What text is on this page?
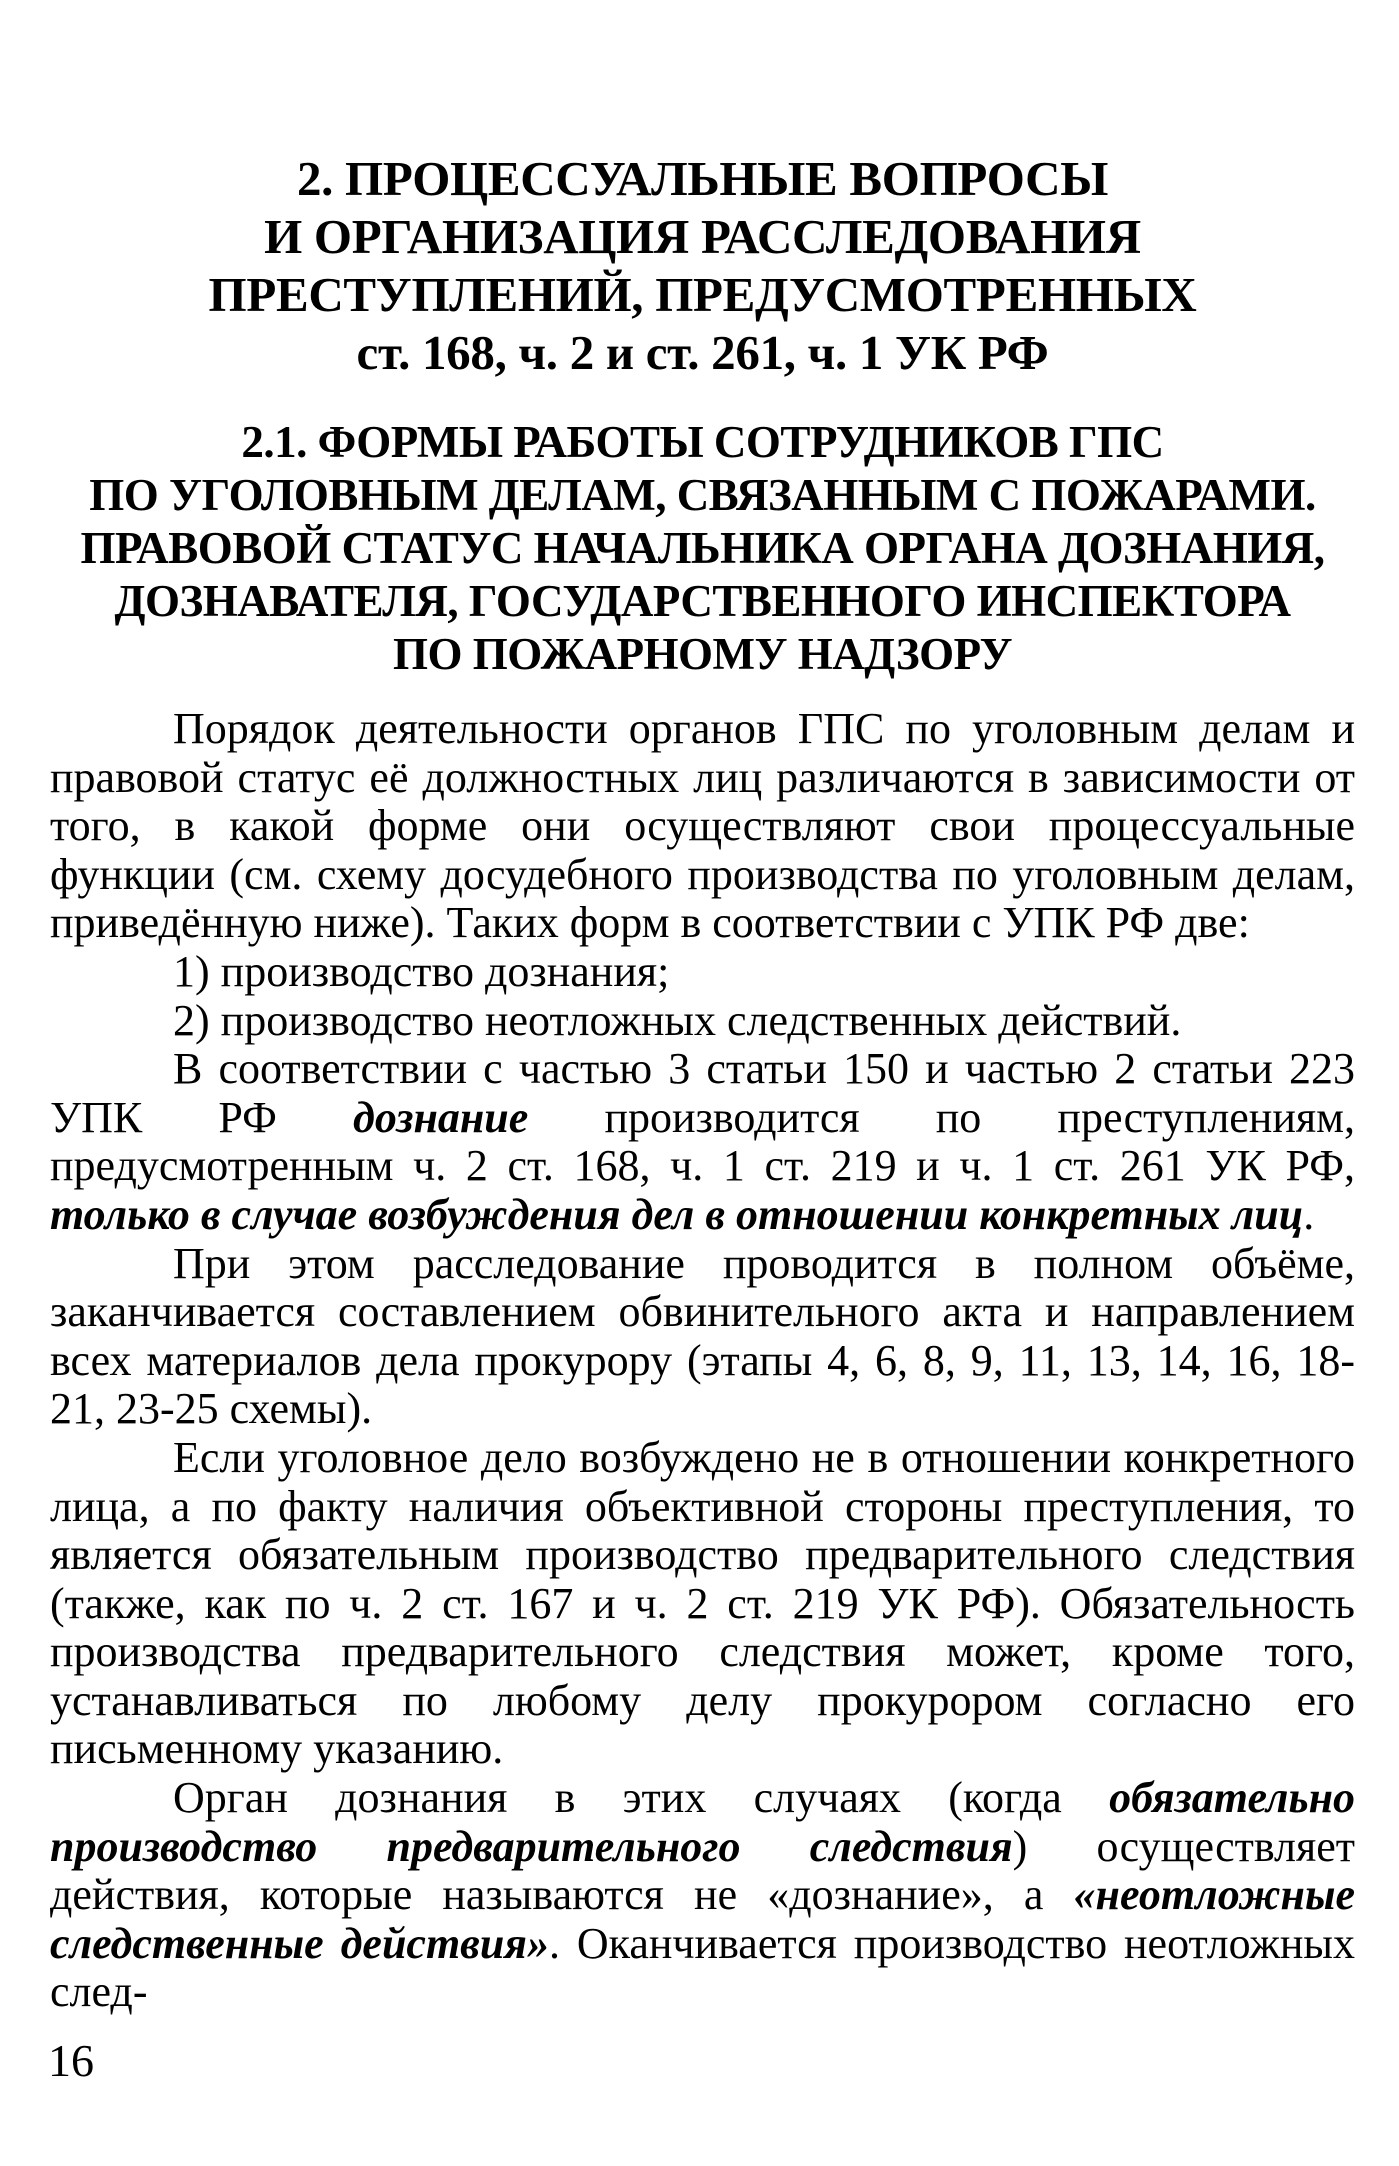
2. ПРОЦЕССУАЛЬНЫЕ ВОПРОСЫ
И ОРГАНИЗАЦИЯ РАССЛЕДОВАНИЯ
ПРЕСТУПЛЕНИЙ, ПРЕДУСМОТРЕННЫХ
ст. 168, ч. 2 и ст. 261, ч. 1 УК РФ
2.1. ФОРМЫ РАБОТЫ СОТРУДНИКОВ ГПС
ПО УГОЛОВНЫМ ДЕЛАМ, СВЯЗАННЫМ С ПОЖАРАМИ.
ПРАВОВОЙ СТАТУС НАЧАЛЬНИКА ОРГАНА ДОЗНАНИЯ,
ДОЗНАВАТЕЛЯ, ГОСУДАРСТВЕННОГО ИНСПЕКТОРА
ПО ПОЖАРНОМУ НАДЗОРУ

Порядок деятельности органов ГПС по уголовным делам и правовой статус её должностных лиц различаются в зависимости от того, в какой форме они осуществляют свои процессуальные функции (см. схему досудебного производства по уголовным делам, приведённую ниже). Таких форм в соответствии с УПК РФ две:

1) производство дознания;

2) производство неотложных следственных действий.

В соответствии с частью 3 статьи 150 и частью 2 статьи 223 УПК РФ дознание производится по преступлениям, предусмотренным ч. 2 ст. 168, ч. 1 ст. 219 и ч. 1 ст. 261 УК РФ, только в случае возбуждения дел в отношении конкретных лиц.

При этом расследование проводится в полном объёме, заканчивается составлением обвинительного акта и направлением всех материалов дела прокурору (этапы 4, 6, 8, 9, 11, 13, 14, 16, 18-21, 23-25 схемы).

Если уголовное дело возбуждено не в отношении конкретного лица, а по факту наличия объективной стороны преступления, то является обязательным производство предварительного следствия (также, как по ч. 2 ст. 167 и ч. 2 ст. 219 УК РФ). Обязательность производства предварительного следствия может, кроме того, устанавливаться по любому делу прокурором согласно его письменному указанию.

Орган дознания в этих случаях (когда обязательно производство предварительного следствия) осуществляет действия, которые называются не «дознание», а «неотложные следственные действия». Оканчивается производство неотложных след-

16
